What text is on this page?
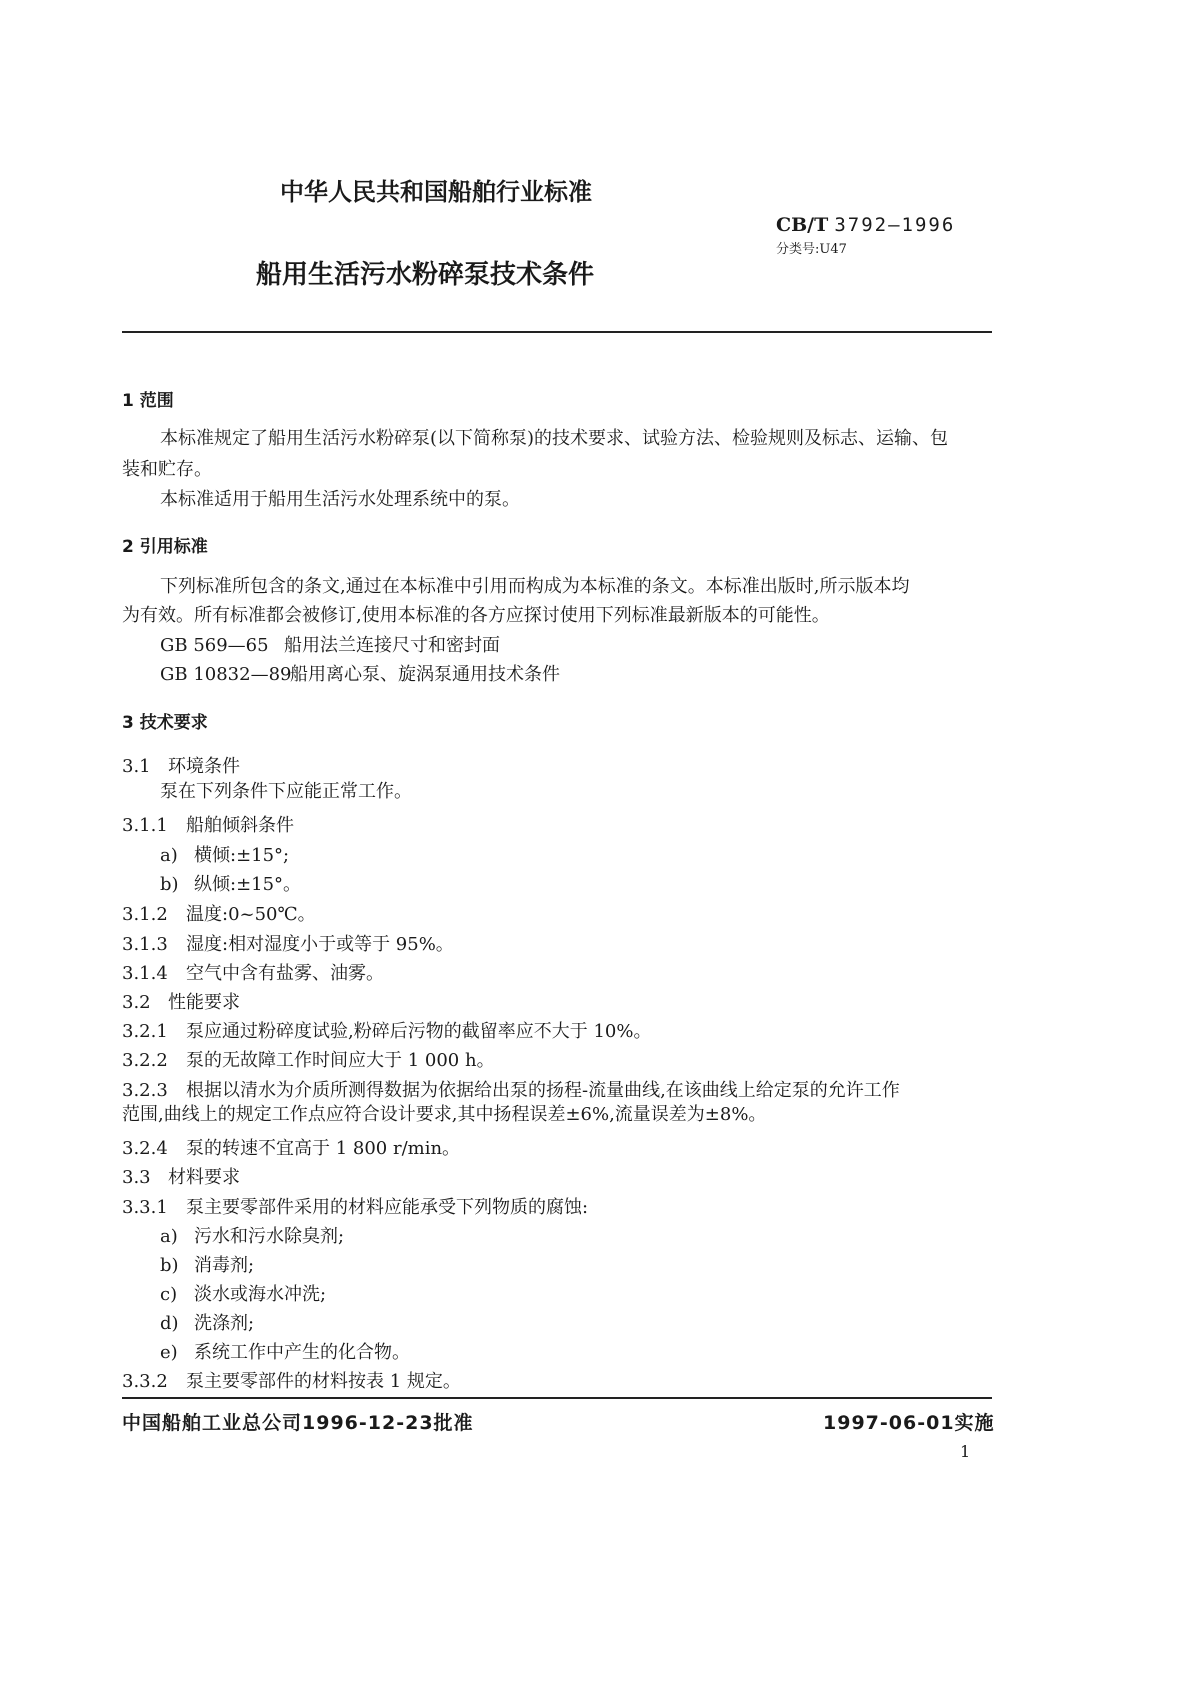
中华人民共和国船舶行业标准
CB/T 3792—1996
分类号:U47
船用生活污水粉碎泵技术条件
1 范围
本标准规定了船用生活污水粉碎泵(以下简称泵)的技术要求、试验方法、检验规则及标志、运输、包
装和贮存。
本标准适用于船用生活污水处理系统中的泵。
2 引用标准
下列标准所包含的条文,通过在本标准中引用而构成为本标准的条文。本标准出版时,所示版本均
为有效。所有标准都会被修订,使用本标准的各方应探讨使用下列标准最新版本的可能性。
GB 569—65 船用法兰连接尺寸和密封面
GB 10832—89船用离心泵、旋涡泵通用技术条件
3 技术要求
3.1 环境条件
泵在下列条件下应能正常工作。
3.1.1 船舶倾斜条件
a) 横倾:±15°;
b) 纵倾:±15°。
3.1.2 温度:0~50℃。
3.1.3 湿度:相对湿度小于或等于 95%。
3.1.4 空气中含有盐雾、油雾。
3.2 性能要求
3.2.1 泵应通过粉碎度试验,粉碎后污物的截留率应不大于 10%。
3.2.2 泵的无故障工作时间应大于 1 000 h。
3.2.3 根据以清水为介质所测得数据为依据给出泵的扬程-流量曲线,在该曲线上给定泵的允许工作
范围,曲线上的规定工作点应符合设计要求,其中扬程误差±6%,流量误差为±8%。
3.2.4 泵的转速不宜高于 1 800 r/min。
3.3 材料要求
3.3.1 泵主要零部件采用的材料应能承受下列物质的腐蚀:
a) 污水和污水除臭剂;
b) 消毒剂;
c) 淡水或海水冲洗;
d) 洗涤剂;
e) 系统工作中产生的化合物。
3.3.2 泵主要零部件的材料按表 1 规定。
中国船舶工业总公司1996-12-23批准	1997-06-01实施
1
